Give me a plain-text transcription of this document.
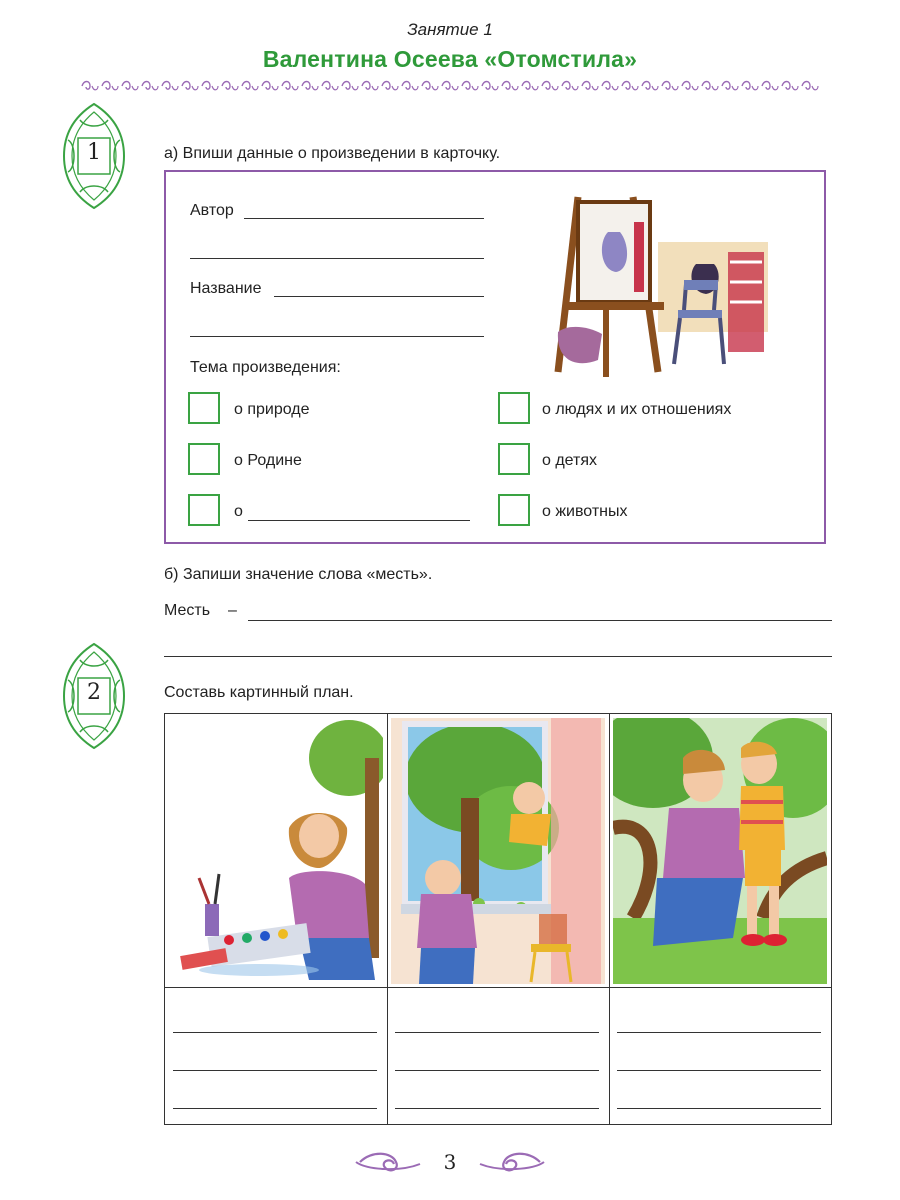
Занятие 1
Валентина Осеева «Отомстила»
1	а) Впиши данные о произведении в карточку.
Автор
Название
Тема произведения:
о природе
о Родине
о
о людях и их отношениях
о детях
о животных
б) Запиши значение слова «месть».
Месть –
2	Составь картинный план.
3
